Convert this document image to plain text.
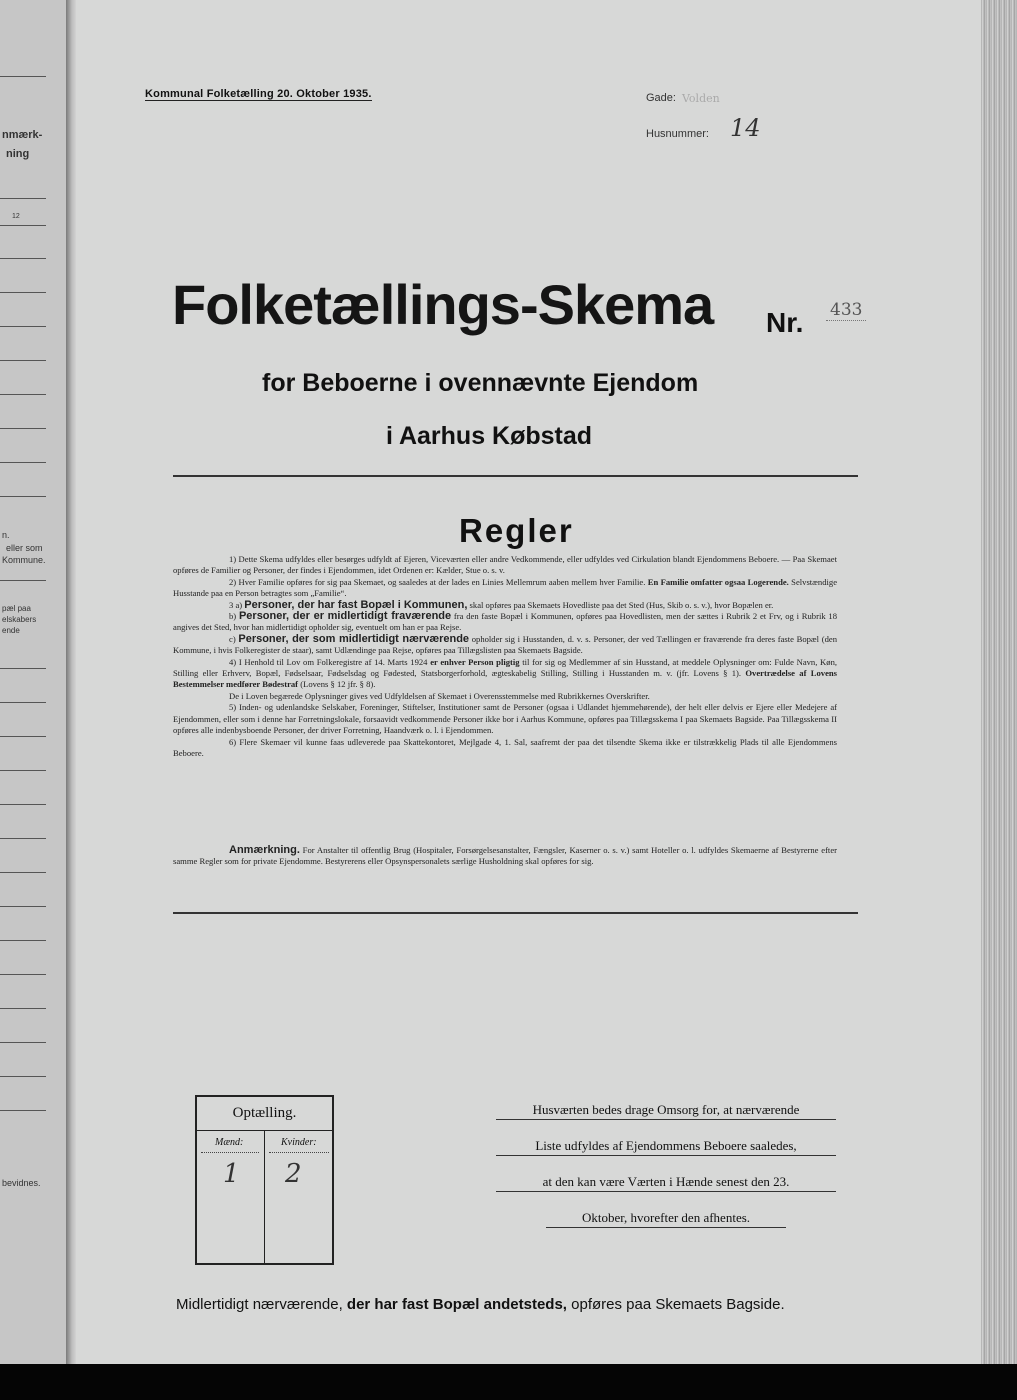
nmærk-
ning
12
n.
eller som
Kommune.
pæl paa
elskabers
ende
bevidnes.
Kommunal Folketælling 20. Oktober 1935.	Gade: Volden
Husnummer: 14
Folketællings-Skema Nr. 433
for Beboerne i ovennævnte Ejendom
i Aarhus Købstad
Regler

1) Dette Skema udfyldes eller besørges udfyldt af Ejeren, Viceværten eller andre Vedkommende, eller udfyldes ved Cirkulation blandt Ejendommens Beboere. — Paa Skemaet opføres de Familier og Personer, der findes i Ejendommen, idet Ordenen er: Kælder, Stue o. s. v.

2) Hver Familie opføres for sig paa Skemaet, og saaledes at der lades en Linies Mellemrum aaben mellem hver Familie. En Familie omfatter ogsaa Logerende. Selvstændige Husstande paa en Person betragtes som „Familie“.

3 a) Personer, der har fast Bopæl i Kommunen, skal opføres paa Skemaets Hovedliste paa det Sted (Hus, Skib o. s. v.), hvor Bopælen er.

b) Personer, der er midlertidigt fraværende fra den faste Bopæl i Kommunen, opføres paa Hovedlisten, men der sættes i Rubrik 2 et Frv, og i Rubrik 18 angives det Sted, hvor han midlertidigt opholder sig, eventuelt om han er paa Rejse.

c) Personer, der som midlertidigt nærværende opholder sig i Husstanden, d. v. s. Personer, der ved Tællingen er fraværende fra deres faste Bopæl (den Kommune, i hvis Folkeregister de staar), samt Udlændinge paa Rejse, opføres paa Tillægslisten paa Skemaets Bagside.

4) I Henhold til Lov om Folkeregistre af 14. Marts 1924 er enhver Person pligtig til for sig og Medlemmer af sin Husstand, at meddele Oplysninger om: Fulde Navn, Køn, Stilling eller Erhverv, Bopæl, Fødselsaar, Fødselsdag og Fødested, Statsborgerforhold, ægteskabelig Stilling, Stilling i Husstanden m. v. (jfr. Lovens § 1). Overtrædelse af Lovens Bestemmelser medfører Bødestraf (Lovens § 12 jfr. § 8).

De i Loven begærede Oplysninger gives ved Udfyldelsen af Skemaet i Overensstemmelse med Rubrikkernes Overskrifter.

5) Inden- og udenlandske Selskaber, Foreninger, Stiftelser, Institutioner samt de Personer (ogsaa i Udlandet hjemmehørende), der helt eller delvis er Ejere eller Medejere af Ejendommen, eller som i denne har Forretningslokale, forsaavidt vedkommende Personer ikke bor i Aarhus Kommune, opføres paa Tillægsskema I paa Skemaets Bagside. Paa Tillægsskema II opføres alle indenbysboende Personer, der driver Forretning, Haandværk o. l. i Ejendommen.

6) Flere Skemaer vil kunne faas udleverede paa Skattekontoret, Mejlgade 4, 1. Sal, saafremt der paa det tilsendte Skema ikke er tilstrækkelig Plads til alle Ejendommens Beboere.

Anmærkning. For Anstalter til offentlig Brug (Hospitaler, Forsørgelsesanstalter, Fængsler, Kaserner o. s. v.) samt Hoteller o. l. udfyldes Skemaerne af Bestyrerne efter samme Regler som for private Ejendomme. Bestyrerens eller Opsynspersonalets særlige Husholdning skal opføres for sig.

Optælling.
Mænd:	Kvinder:
1 2
Husværten bedes drage Omsorg for, at nærværende
Liste udfyldes af Ejendommens Beboere saaledes,
at den kan være Værten i Hænde senest den 23.
Oktober, hvorefter den afhentes.
Midlertidigt nærværende, der har fast Bopæl andetsteds, opføres paa Skemaets Bagside.
